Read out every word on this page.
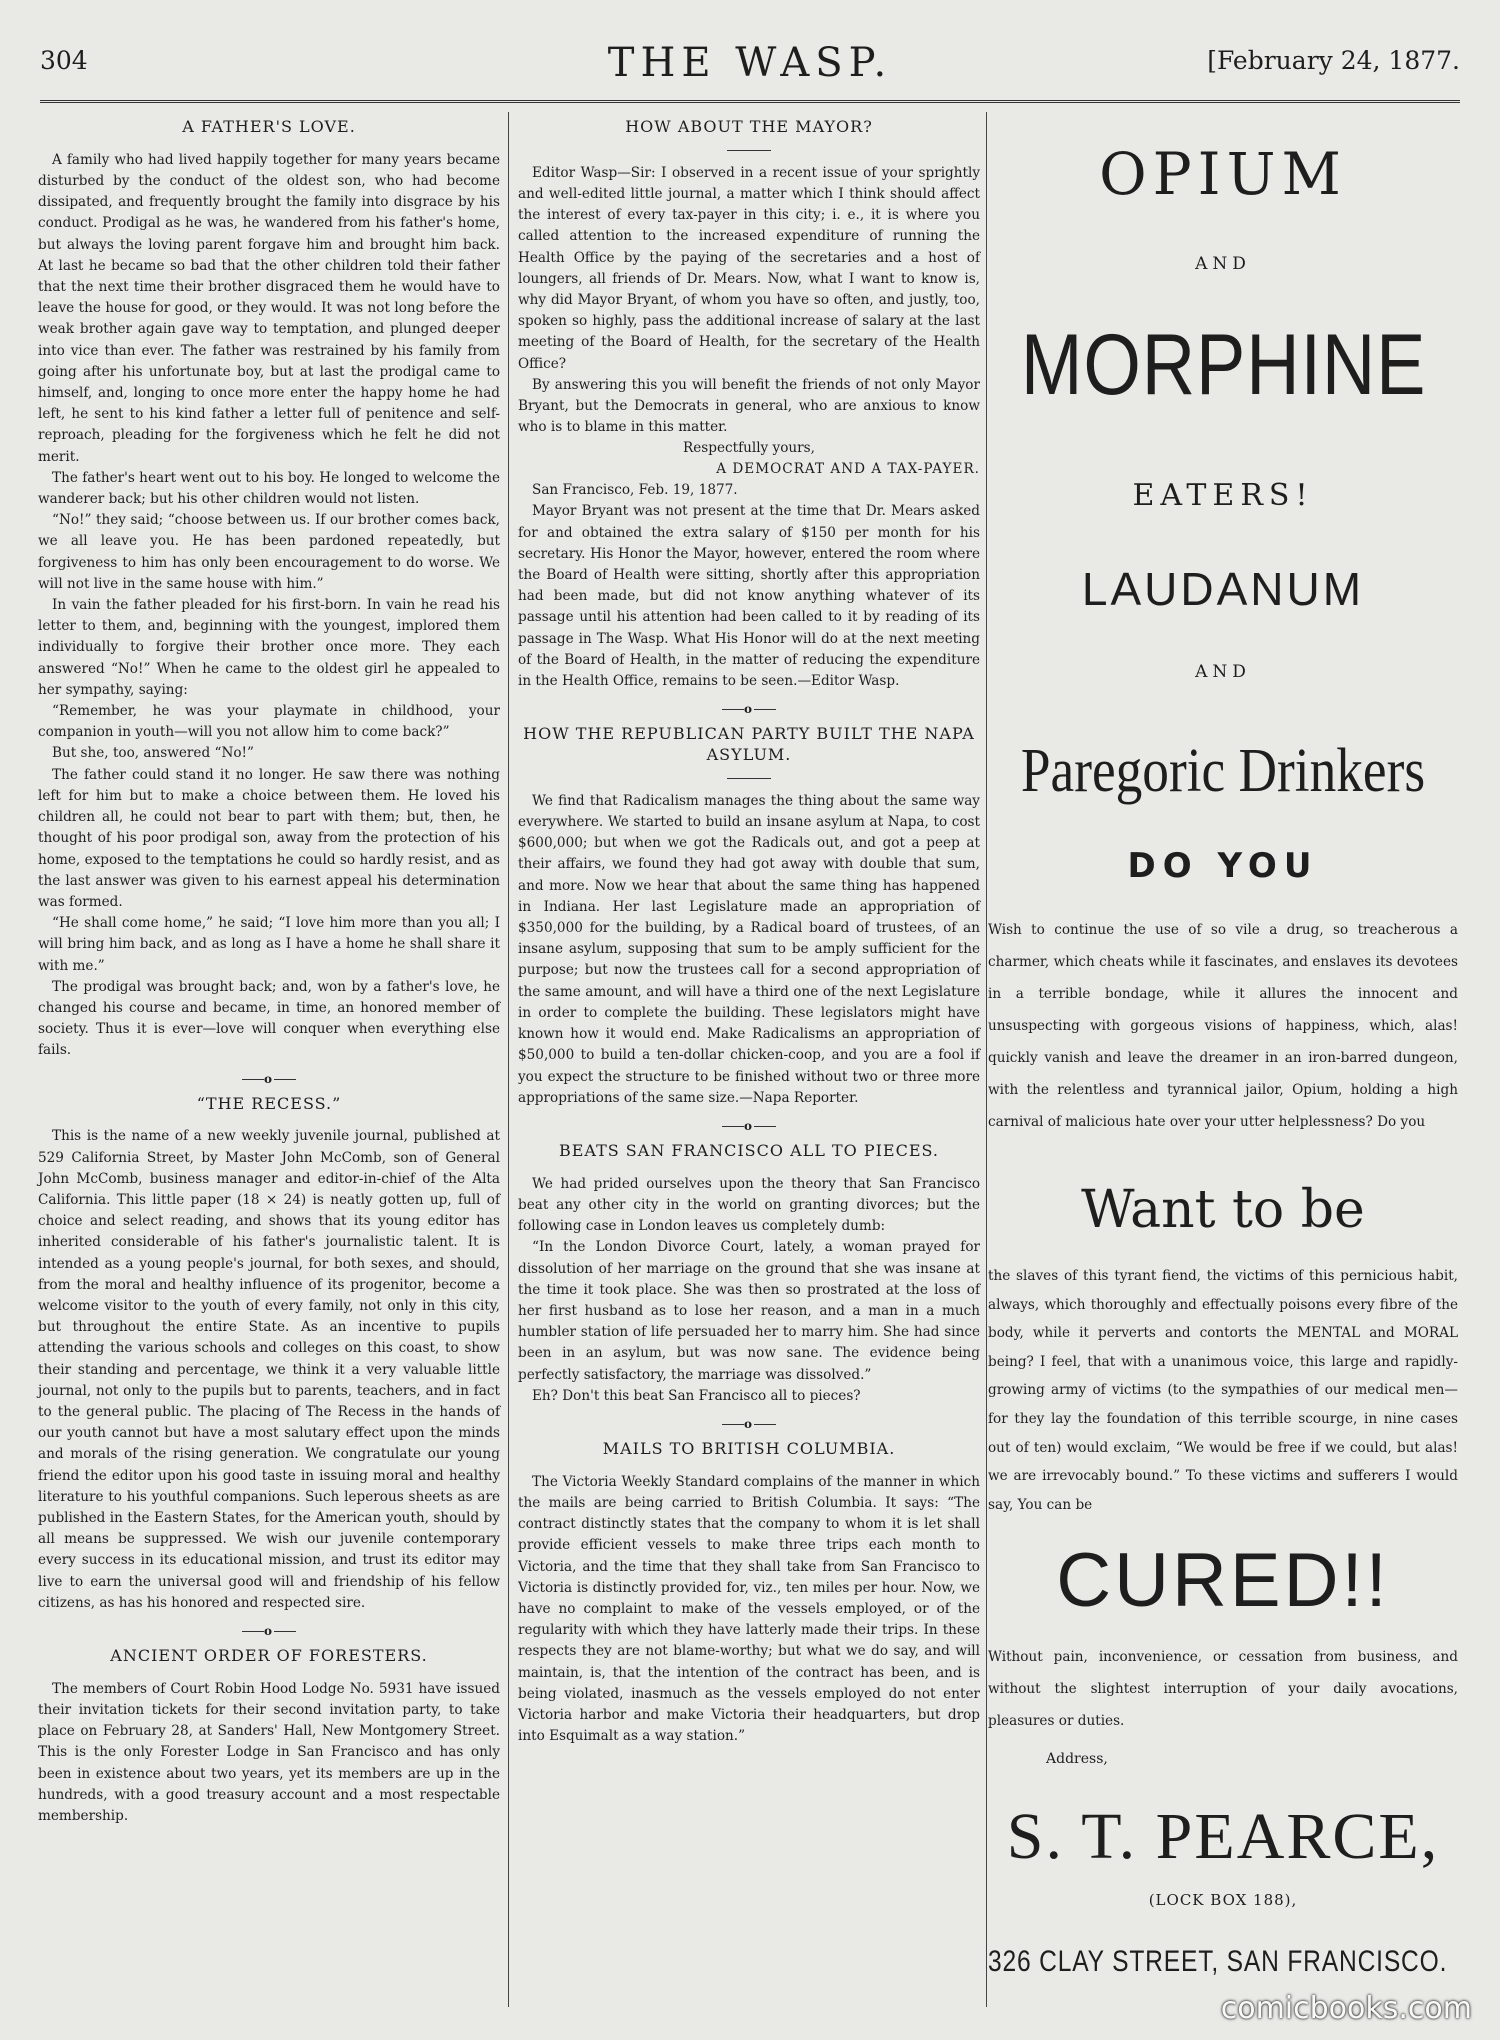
304	THE WASP.	[February 24, 1877.
A FATHER'S LOVE.

A family who had lived happily together for many years became disturbed by the conduct of the oldest son, who had become dissipated, and frequently brought the family into disgrace by his conduct. Prodigal as he was, he wandered from his father's home, but always the loving parent forgave him and brought him back. At last he became so bad that the other children told their father that the next time their brother disgraced them he would have to leave the house for good, or they would. It was not long before the weak brother again gave way to temptation, and plunged deeper into vice than ever. The father was restrained by his family from going after his unfortunate boy, but at last the prodigal came to himself, and, longing to once more enter the happy home he had left, he sent to his kind father a letter full of penitence and self-reproach, pleading for the forgiveness which he felt he did not merit.

The father's heart went out to his boy. He longed to welcome the wanderer back; but his other children would not listen.

“No!” they said; “choose between us. If our brother comes back, we all leave you. He has been pardoned repeatedly, but forgiveness to him has only been encouragement to do worse. We will not live in the same house with him.”

In vain the father pleaded for his first-born. In vain he read his letter to them, and, beginning with the youngest, implored them individually to forgive their brother once more. They each answered “No!” When he came to the oldest girl he appealed to her sympathy, saying:

“Remember, he was your playmate in childhood, your companion in youth—will you not allow him to come back?”

But she, too, answered “No!”

The father could stand it no longer. He saw there was nothing left for him but to make a choice between them. He loved his children all, he could not bear to part with them; but, then, he thought of his poor prodigal son, away from the protection of his home, exposed to the temptations he could so hardly resist, and as the last answer was given to his earnest appeal his determination was formed.

“He shall come home,” he said; “I love him more than you all; I will bring him back, and as long as I have a home he shall share it with me.”

The prodigal was brought back; and, won by a father's love, he changed his course and became, in time, an honored member of society. Thus it is ever—love will conquer when everything else fails.

o
“THE RECESS.”

This is the name of a new weekly juvenile journal, published at 529 California Street, by Master John McComb, son of General John McComb, business manager and editor-in-chief of the Alta California. This little paper (18 × 24) is neatly gotten up, full of choice and select reading, and shows that its young editor has inherited considerable of his father's journalistic talent. It is intended as a young people's journal, for both sexes, and should, from the moral and healthy influence of its progenitor, become a welcome visitor to the youth of every family, not only in this city, but throughout the entire State. As an incentive to pupils attending the various schools and colleges on this coast, to show their standing and percentage, we think it a very valuable little journal, not only to the pupils but to parents, teachers, and in fact to the general public. The placing of The Recess in the hands of our youth cannot but have a most salutary effect upon the minds and morals of the rising generation. We congratulate our young friend the editor upon his good taste in issuing moral and healthy literature to his youthful companions. Such leperous sheets as are published in the Eastern States, for the American youth, should by all means be suppressed. We wish our juvenile contemporary every success in its educational mission, and trust its editor may live to earn the universal good will and friendship of his fellow citizens, as has his honored and respected sire.

o
ANCIENT ORDER OF FORESTERS.

The members of Court Robin Hood Lodge No. 5931 have issued their invitation tickets for their second invitation party, to take place on February 28, at Sanders' Hall, New Montgomery Street. This is the only Forester Lodge in San Francisco and has only been in existence about two years, yet its members are up in the hundreds, with a good treasury account and a most respectable membership.

HOW ABOUT THE MAYOR?

Editor Wasp—Sir: I observed in a recent issue of your sprightly and well-edited little journal, a matter which I think should affect the interest of every tax-payer in this city; i. e., it is where you called attention to the increased expenditure of running the Health Office by the paying of the secretaries and a host of loungers, all friends of Dr. Mears. Now, what I want to know is, why did Mayor Bryant, of whom you have so often, and justly, too, spoken so highly, pass the additional increase of salary at the last meeting of the Board of Health, for the secretary of the Health Office?

By answering this you will benefit the friends of not only Mayor Bryant, but the Democrats in general, who are anxious to know who is to blame in this matter.

Respectfully yours,

A DEMOCRAT AND A TAX-PAYER.

San Francisco, Feb. 19, 1877.

Mayor Bryant was not present at the time that Dr. Mears asked for and obtained the extra salary of $150 per month for his secretary. His Honor the Mayor, however, entered the room where the Board of Health were sitting, shortly after this appropriation had been made, but did not know anything whatever of its passage until his attention had been called to it by reading of its passage in The Wasp. What His Honor will do at the next meeting of the Board of Health, in the matter of reducing the expenditure in the Health Office, remains to be seen.—Editor Wasp.

o
HOW THE REPUBLICAN PARTY BUILT THE NAPA ASYLUM.

We find that Radicalism manages the thing about the same way everywhere. We started to build an insane asylum at Napa, to cost $600,000; but when we got the Radicals out, and got a peep at their affairs, we found they had got away with double that sum, and more. Now we hear that about the same thing has happened in Indiana. Her last Legislature made an appropriation of $350,000 for the building, by a Radical board of trustees, of an insane asylum, supposing that sum to be amply sufficient for the purpose; but now the trustees call for a second appropriation of the same amount, and will have a third one of the next Legislature in order to complete the building. These legislators might have known how it would end. Make Radicalisms an appropriation of $50,000 to build a ten-dollar chicken-coop, and you are a fool if you expect the structure to be finished without two or three more appropriations of the same size.—Napa Reporter.

o
BEATS SAN FRANCISCO ALL TO PIECES.

We had prided ourselves upon the theory that San Francisco beat any other city in the world on granting divorces; but the following case in London leaves us completely dumb:

“In the London Divorce Court, lately, a woman prayed for dissolution of her marriage on the ground that she was insane at the time it took place. She was then so prostrated at the loss of her first husband as to lose her reason, and a man in a much humbler station of life persuaded her to marry him. She had since been in an asylum, but was now sane. The evidence being perfectly satisfactory, the marriage was dissolved.”

Eh? Don't this beat San Francisco all to pieces?

o
MAILS TO BRITISH COLUMBIA.

The Victoria Weekly Standard complains of the manner in which the mails are being carried to British Columbia. It says: “The contract distinctly states that the company to whom it is let shall provide efficient vessels to make three trips each month to Victoria, and the time that they shall take from San Francisco to Victoria is distinctly provided for, viz., ten miles per hour. Now, we have no complaint to make of the vessels employed, or of the regularity with which they have latterly made their trips. In these respects they are not blame-worthy; but what we do say, and will maintain, is, that the intention of the contract has been, and is being violated, inasmuch as the vessels employed do not enter Victoria harbor and make Victoria their headquarters, but drop into Esquimalt as a way station.”

OPIUM
AND
MORPHINE
EATERS!
LAUDANUM
AND
Paregoric Drinkers
DO YOU

Wish to continue the use of so vile a drug, so treacherous a charmer, which cheats while it fascinates, and enslaves its devotees in a terrible bondage, while it allures the innocent and unsuspecting with gorgeous visions of happiness, which, alas! quickly vanish and leave the dreamer in an iron-barred dungeon, with the relentless and tyrannical jailor, Opium, holding a high carnival of malicious hate over your utter helplessness? Do you

Want to be

the slaves of this tyrant fiend, the victims of this pernicious habit, always, which thoroughly and effectually poisons every fibre of the body, while it perverts and contorts the MENTAL and MORAL being? I feel, that with a unanimous voice, this large and rapidly-growing army of victims (to the sympathies of our medical men—for they lay the foundation of this terrible scourge, in nine cases out of ten) would exclaim, “We would be free if we could, but alas! we are irrevocably bound.” To these victims and sufferers I would say, You can be

CURED!!

Without pain, inconvenience, or cessation from business, and without the slightest interruption of your daily avocations, pleasures or duties.

Address,
S. T. PEARCE,
(LOCK BOX 188),
326 CLAY STREET, SAN FRANCISCO.
comicbooks.com
